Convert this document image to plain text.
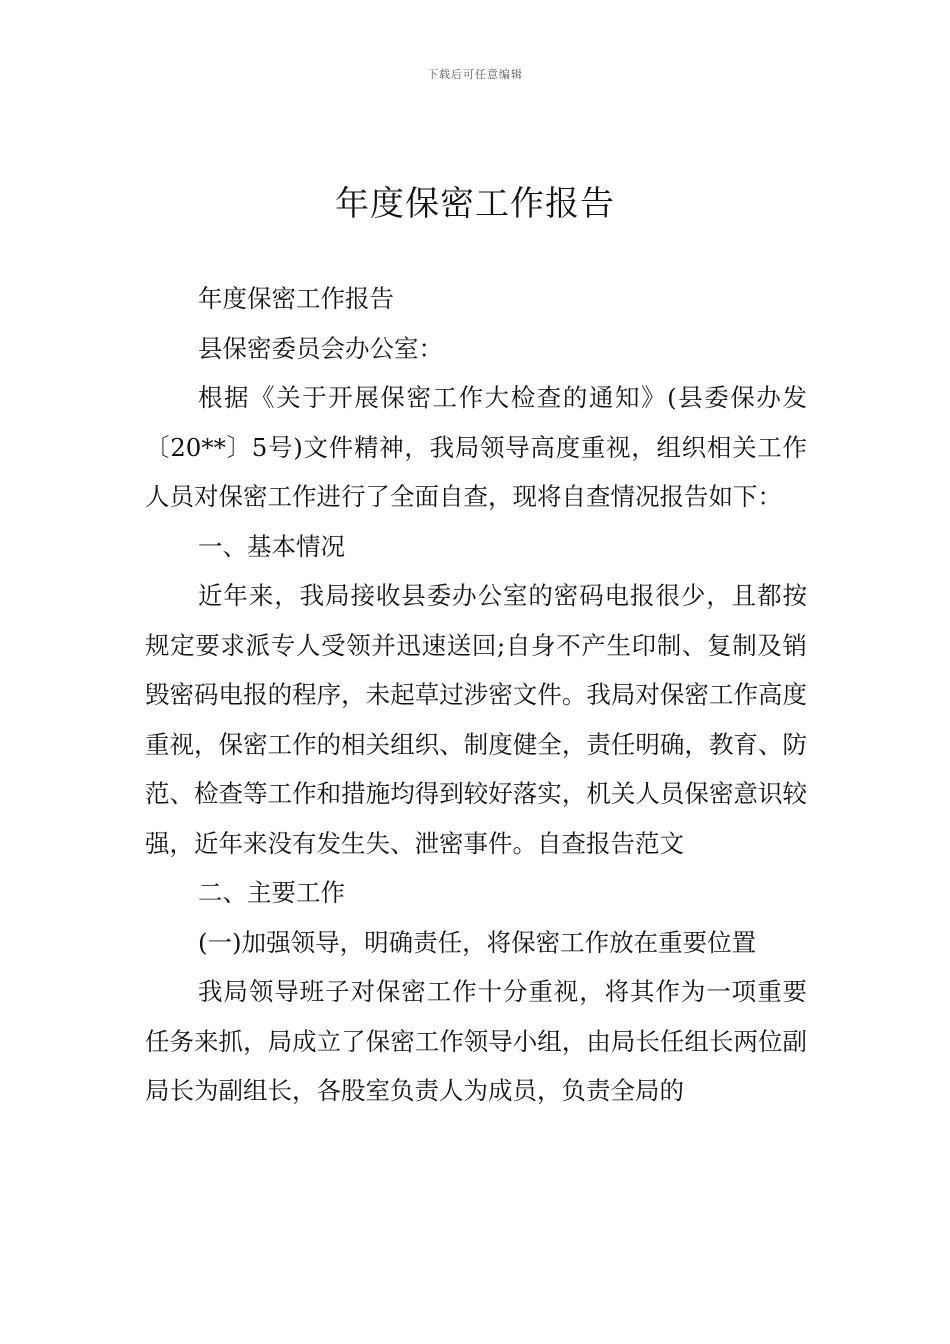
下载后可任意编辑
年度保密工作报告

年度保密工作报告

县保密委员会办公室：

根据《关于开展保密工作大检查的通知》(县委保办发〔20**〕5号)文件精神，我局领导高度重视，组织相关工作人员对保密工作进行了全面自查，现将自查情况报告如下：

一、基本情况

近年来，我局接收县委办公室的密码电报很少，且都按规定要求派专人受领并迅速送回;自身不产生印制、复制及销毁密码电报的程序，未起草过涉密文件。我局对保密工作高度重视，保密工作的相关组织、制度健全，责任明确，教育、防范、检查等工作和措施均得到较好落实，机关人员保密意识较强，近年来没有发生失、泄密事件。自查报告范文

二、主要工作

(一)加强领导，明确责任，将保密工作放在重要位置

我局领导班子对保密工作十分重视，将其作为一项重要任务来抓，局成立了保密工作领导小组，由局长任组长两位副局长为副组长，各股室负责人为成员，负责全局的
